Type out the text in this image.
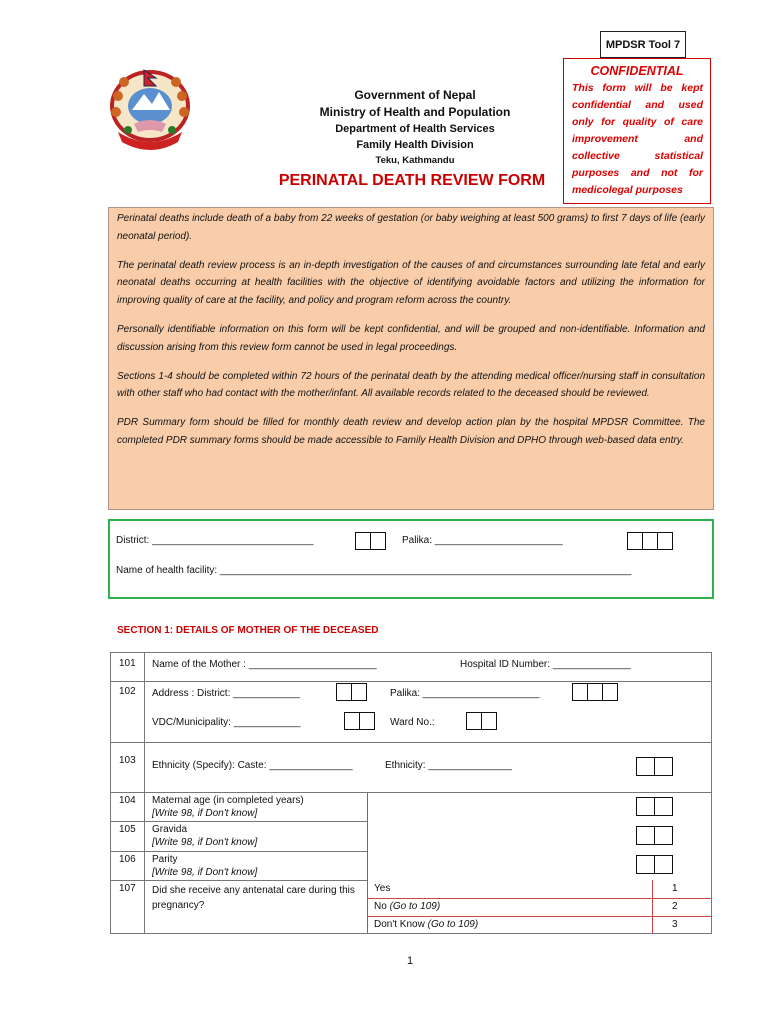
MPDSR Tool 7
Government of Nepal
Ministry of Health and Population
Department of Health Services
Family Health Division
Teku, Kathmandu
PERINATAL DEATH REVIEW FORM
CONFIDENTIAL
This form will be kept confidential and used only for quality of care improvement and collective statistical purposes and not for medicolegal purposes

Perinatal deaths include death of a baby from 22 weeks of gestation (or baby weighing at least 500 grams) to first 7 days of life (early neonatal period).

The perinatal death review process is an in-depth investigation of the causes of and circumstances surrounding late fetal and early neonatal deaths occurring at health facilities with the objective of identifying avoidable factors and utilizing the information for improving quality of care at the facility, and policy and program reform across the country.

Personally identifiable information on this form will be kept confidential, and will be grouped and non-identifiable. Information and discussion arising from this review form cannot be used in legal proceedings.

Sections 1-4 should be completed within 72 hours of the perinatal death by the attending medical officer/nursing staff in consultation with other staff who had contact with the mother/infant. All available records related to the deceased should be reviewed.

PDR Summary form should be filled for monthly death review and develop action plan by the hospital MPDSR Committee. The completed PDR summary forms should be made accessible to Family Health Division and DPHO through web-based data entry.

District: _____________________________	Palika: _______________________
Name of health facility: __________________________________________________________________________
SECTION 1: DETAILS OF MOTHER OF THE DECEASED
101 Name of the Mother : _______________________	Hospital ID Number: ______________
102 Address : District: ____________	Palika: _____________________
VDC/Municipality: ____________	Ward No.:
103 Ethnicity (Specify): Caste: _______________	Ethnicity: _______________
104 Maternal age (in completed years)
[Write 98, if Don't know]
105 Gravida
[Write 98, if Don't know]
106 Parity
[Write 98, if Don't know]
107 Did she receive any antenatal care during this pregnancy?
Yes	1
No (Go to 109)	2
Don't Know (Go to 109)	3
1
